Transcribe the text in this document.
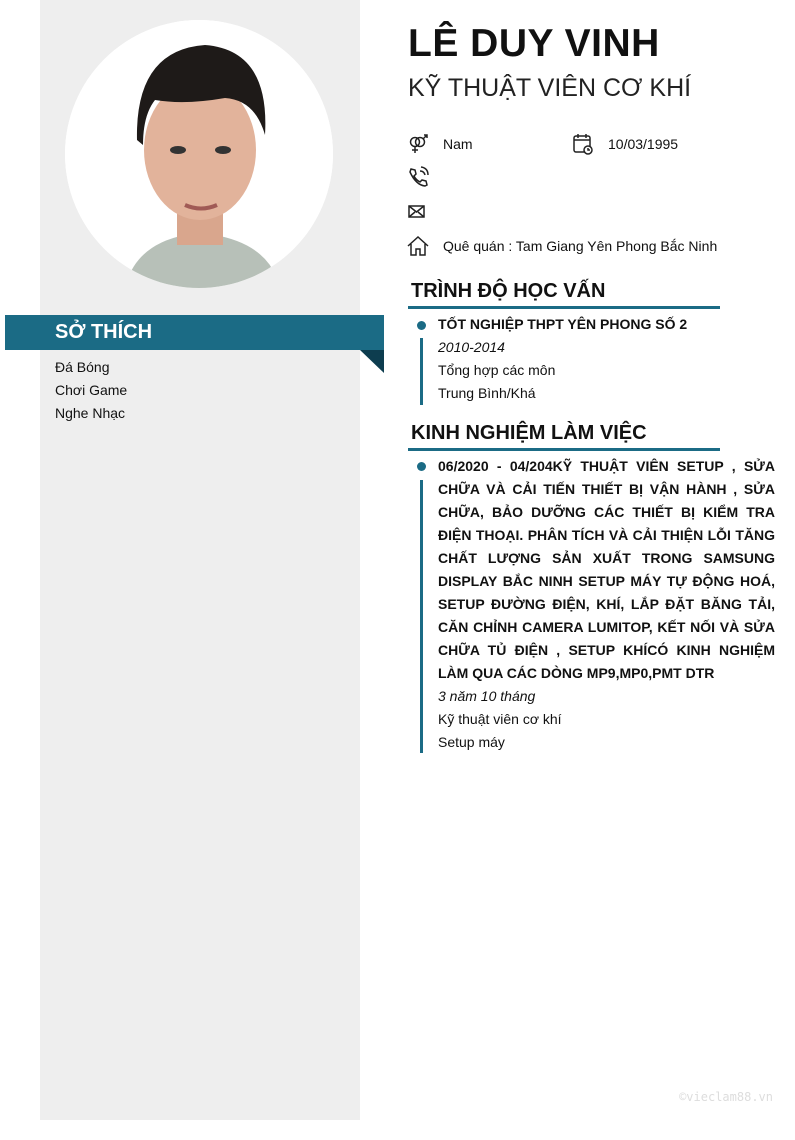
SỞ THÍCH
Đá Bóng
Chơi Game
Nghe Nhạc
LÊ DUY VINH
KỸ THUẬT VIÊN CƠ KHÍ
Nam	10/03/1995
Quê quán : Tam Giang Yên Phong Bắc Ninh
TRÌNH ĐỘ HỌC VẤN
TỐT NGHIỆP THPT YÊN PHONG SỐ 2
2010-2014
Tổng hợp các môn
Trung Bình/Khá
KINH NGHIỆM LÀM VIỆC
06/2020 - 04/204KỸ THUẬT VIÊN SETUP , SỬA CHỮA VÀ CẢI TIẾN THIẾT BỊ VẬN HÀNH , SỬA CHỮA, BẢO DƯỠNG CÁC THIẾT BỊ KIỂM TRA ĐIỆN THOẠI. PHÂN TÍCH VÀ CẢI THIỆN LỖI TĂNG CHẤT LƯỢNG SẢN XUẤT TRONG SAMSUNG DISPLAY BẮC NINH SETUP MÁY TỰ ĐỘNG HOÁ, SETUP ĐƯỜNG ĐIỆN, KHÍ, LẮP ĐẶT BĂNG TẢI, CĂN CHỈNH CAMERA LUMITOP, KẾT NỐI VÀ SỬA CHỮA TỦ ĐIỆN , SETUP KHÍCÓ KINH NGHIỆM LÀM QUA CÁC DÒNG MP9,MP0,PMT DTR
3 năm 10 tháng
Kỹ thuật viên cơ khí
Setup máy
©vieclam88.vn
